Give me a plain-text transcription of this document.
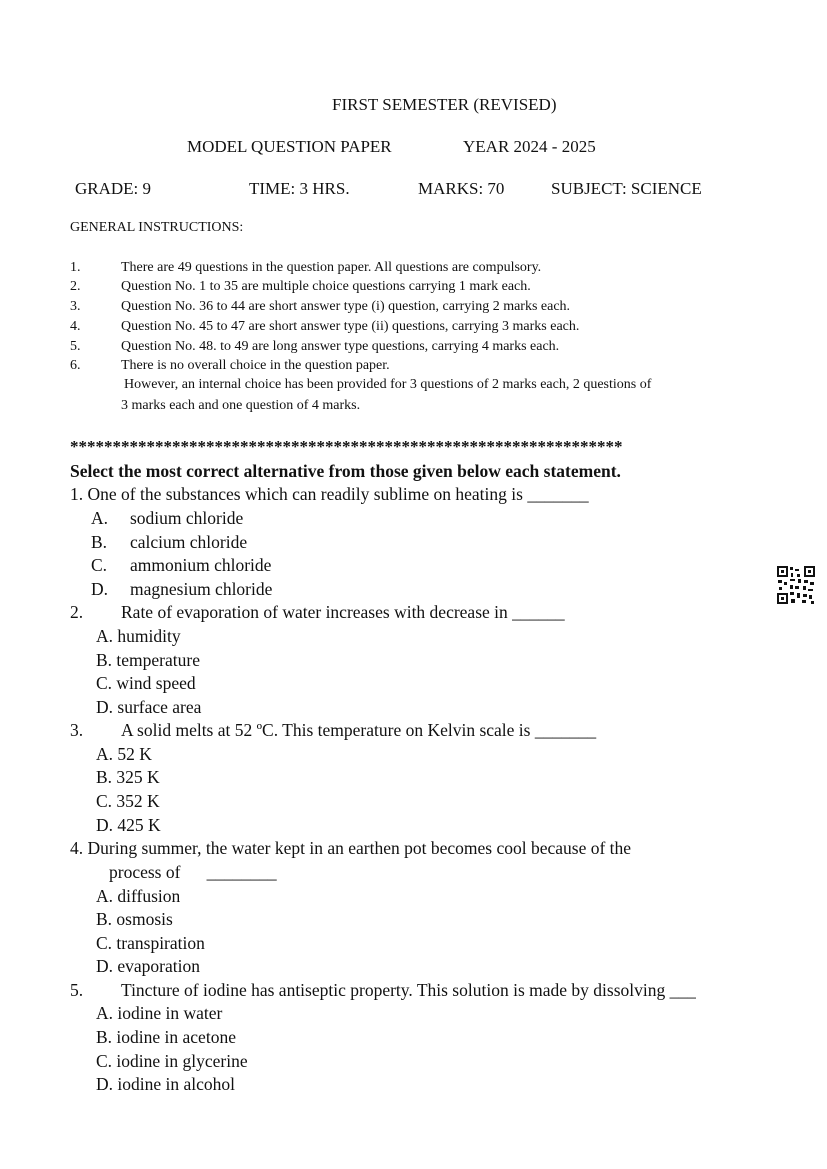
FIRST SEMESTER (REVISED)
MODEL QUESTION PAPER	YEAR 2024 - 2025
GRADE: 9	TIME: 3 HRS.	MARKS: 70	SUBJECT: SCIENCE
GENERAL INSTRUCTIONS:
1.	There are 49 questions in the question paper. All questions are compulsory.
2.	Question No. 1 to 35 are multiple choice questions carrying 1 mark each.
3.	Question No. 36 to 44 are short answer type (i) question, carrying 2 marks each.
4.	Question No. 45 to 47 are short answer type (ii) questions, carrying 3 marks each.
5.	Question No. 48. to 49 are long answer type questions, carrying 4 marks each.
6.	There is no overall choice in the question paper.
However, an internal choice has been provided for 3 questions of 2 marks each, 2 questions of
3 marks each and one question of 4 marks.
*****************************************************************
Select the most correct alternative from those given below each statement.
1. One of the substances which can readily sublime on heating is _______
A. sodium chloride
B. calcium chloride
C. ammonium chloride
D. magnesium chloride
2. Rate of evaporation of water increases with decrease in ______
A. humidity
B. temperature
C. wind speed
D. surface area
3. A solid melts at 52 ºC. This temperature on Kelvin scale is _______
A. 52 K
B. 325 K
C. 352 K
D. 425 K
4. During summer, the water kept in an earthen pot becomes cool because of the
process of      ________
A. diffusion
B. osmosis
C. transpiration
D. evaporation
5. Tincture of iodine has antiseptic property. This solution is made by dissolving ___
A. iodine in water
B. iodine in acetone
C. iodine in glycerine
D. iodine in alcohol
